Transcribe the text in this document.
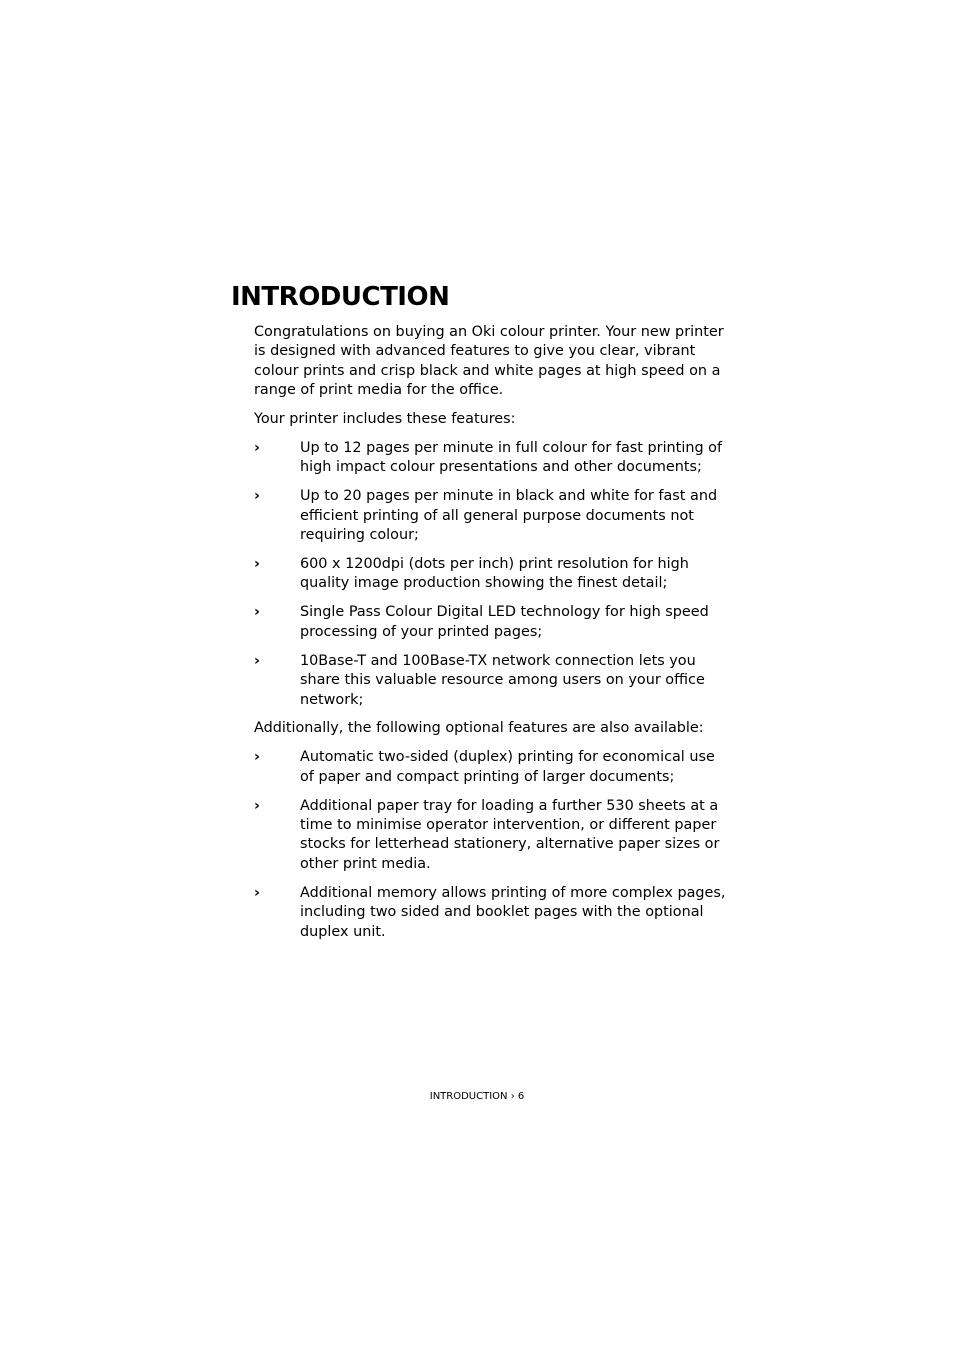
INTRODUCTION

Congratulations on buying an Oki colour printer. Your new printer is designed with advanced features to give you clear, vibrant colour prints and crisp black and white pages at high speed on a range of print media for the office.

Your printer includes these features:

›	Up to 12 pages per minute in full colour for fast printing of high impact colour presentations and other documents;
›	Up to 20 pages per minute in black and white for fast and efficient printing of all general purpose documents not requiring colour;
›	600 x 1200dpi (dots per inch) print resolution for high quality image production showing the finest detail;
›	Single Pass Colour Digital LED technology for high speed processing of your printed pages;
›	10Base-T and 100Base-TX network connection lets you share this valuable resource among users on your office network;

Additionally, the following optional features are also available:

›	Automatic two-sided (duplex) printing for economical use of paper and compact printing of larger documents;
›	Additional paper tray for loading a further 530 sheets at a time to minimise operator intervention, or different paper stocks for letterhead stationery, alternative paper sizes or other print media.
›	Additional memory allows printing of more complex pages, including two sided and booklet pages with the optional duplex unit.
INTRODUCTION › 6
